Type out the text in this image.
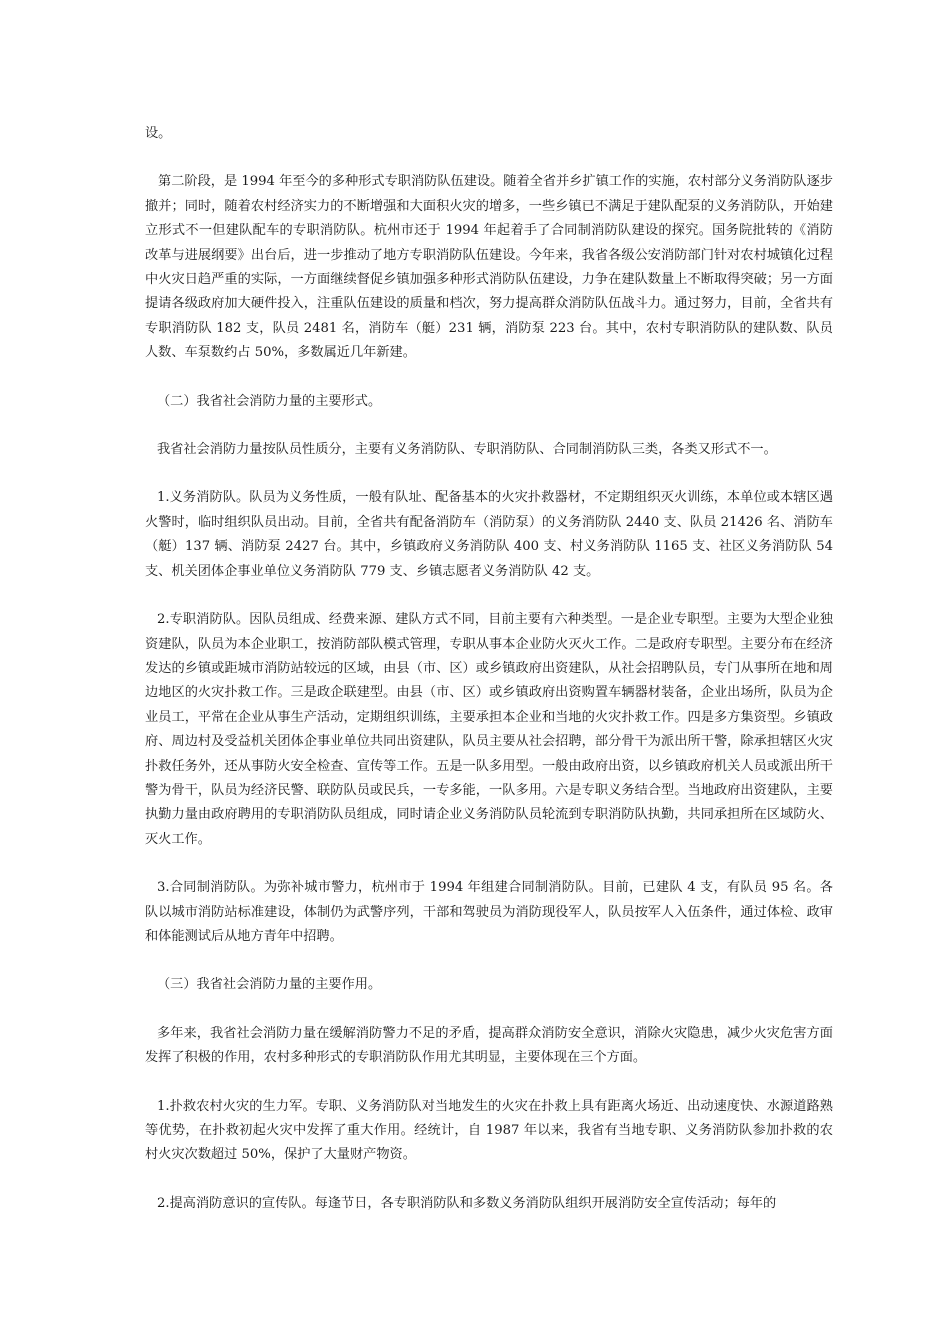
设。

第二阶段，是 1994 年至今的多种形式专职消防队伍建设。随着全省并乡扩镇工作的实施，农村部分义务消防队逐步撤并；同时，随着农村经济实力的不断增强和大面积火灾的增多，一些乡镇已不满足于建队配泵的义务消防队，开始建立形式不一但建队配车的专职消防队。杭州市还于 1994 年起着手了合同制消防队建设的探究。国务院批转的《消防改革与进展纲要》出台后，进一步推动了地方专职消防队伍建设。今年来，我省各级公安消防部门针对农村城镇化过程中火灾日趋严重的实际，一方面继续督促乡镇加强多种形式消防队伍建设，力争在建队数量上不断取得突破；另一方面提请各级政府加大硬件投入，注重队伍建设的质量和档次，努力提高群众消防队伍战斗力。通过努力，目前，全省共有专职消防队 182 支，队员 2481 名，消防车（艇）231 辆，消防泵 223 台。其中，农村专职消防队的建队数、队员人数、车泵数约占 50%，多数属近几年新建。

（二）我省社会消防力量的主要形式。

我省社会消防力量按队员性质分，主要有义务消防队、专职消防队、合同制消防队三类，各类又形式不一。

1.义务消防队。队员为义务性质，一般有队址、配备基本的火灾扑救器材，不定期组织灭火训练，本单位或本辖区遇火警时，临时组织队员出动。目前，全省共有配备消防车（消防泵）的义务消防队 2440 支、队员 21426 名、消防车（艇）137 辆、消防泵 2427 台。其中，乡镇政府义务消防队 400 支、村义务消防队 1165 支、社区义务消防队 54 支、机关团体企事业单位义务消防队 779 支、乡镇志愿者义务消防队 42 支。

2.专职消防队。因队员组成、经费来源、建队方式不同，目前主要有六种类型。一是企业专职型。主要为大型企业独资建队，队员为本企业职工，按消防部队模式管理，专职从事本企业防火灭火工作。二是政府专职型。主要分布在经济发达的乡镇或距城市消防站较远的区域，由县（市、区）或乡镇政府出资建队，从社会招聘队员，专门从事所在地和周边地区的火灾扑救工作。三是政企联建型。由县（市、区）或乡镇政府出资购置车辆器材装备，企业出场所，队员为企业员工，平常在企业从事生产活动，定期组织训练，主要承担本企业和当地的火灾扑救工作。四是多方集资型。乡镇政府、周边村及受益机关团体企事业单位共同出资建队，队员主要从社会招聘，部分骨干为派出所干警，除承担辖区火灾扑救任务外，还从事防火安全检查、宣传等工作。五是一队多用型。一般由政府出资，以乡镇政府机关人员或派出所干警为骨干，队员为经济民警、联防队员或民兵，一专多能，一队多用。六是专职义务结合型。当地政府出资建队，主要执勤力量由政府聘用的专职消防队员组成，同时请企业义务消防队员轮流到专职消防队执勤，共同承担所在区域防火、灭火工作。

3.合同制消防队。为弥补城市警力，杭州市于 1994 年组建合同制消防队。目前，已建队 4 支，有队员 95 名。各队以城市消防站标准建设，体制仍为武警序列，干部和驾驶员为消防现役军人，队员按军人入伍条件，通过体检、政审和体能测试后从地方青年中招聘。

（三）我省社会消防力量的主要作用。

多年来，我省社会消防力量在缓解消防警力不足的矛盾，提高群众消防安全意识，消除火灾隐患，减少火灾危害方面发挥了积极的作用，农村多种形式的专职消防队作用尤其明显，主要体现在三个方面。

1.扑救农村火灾的生力军。专职、义务消防队对当地发生的火灾在扑救上具有距离火场近、出动速度快、水源道路熟等优势，在扑救初起火灾中发挥了重大作用。经统计，自 1987 年以来，我省有当地专职、义务消防队参加扑救的农村火灾次数超过 50%，保护了大量财产物资。

2.提高消防意识的宣传队。每逢节日，各专职消防队和多数义务消防队组织开展消防安全宣传活动；每年的
